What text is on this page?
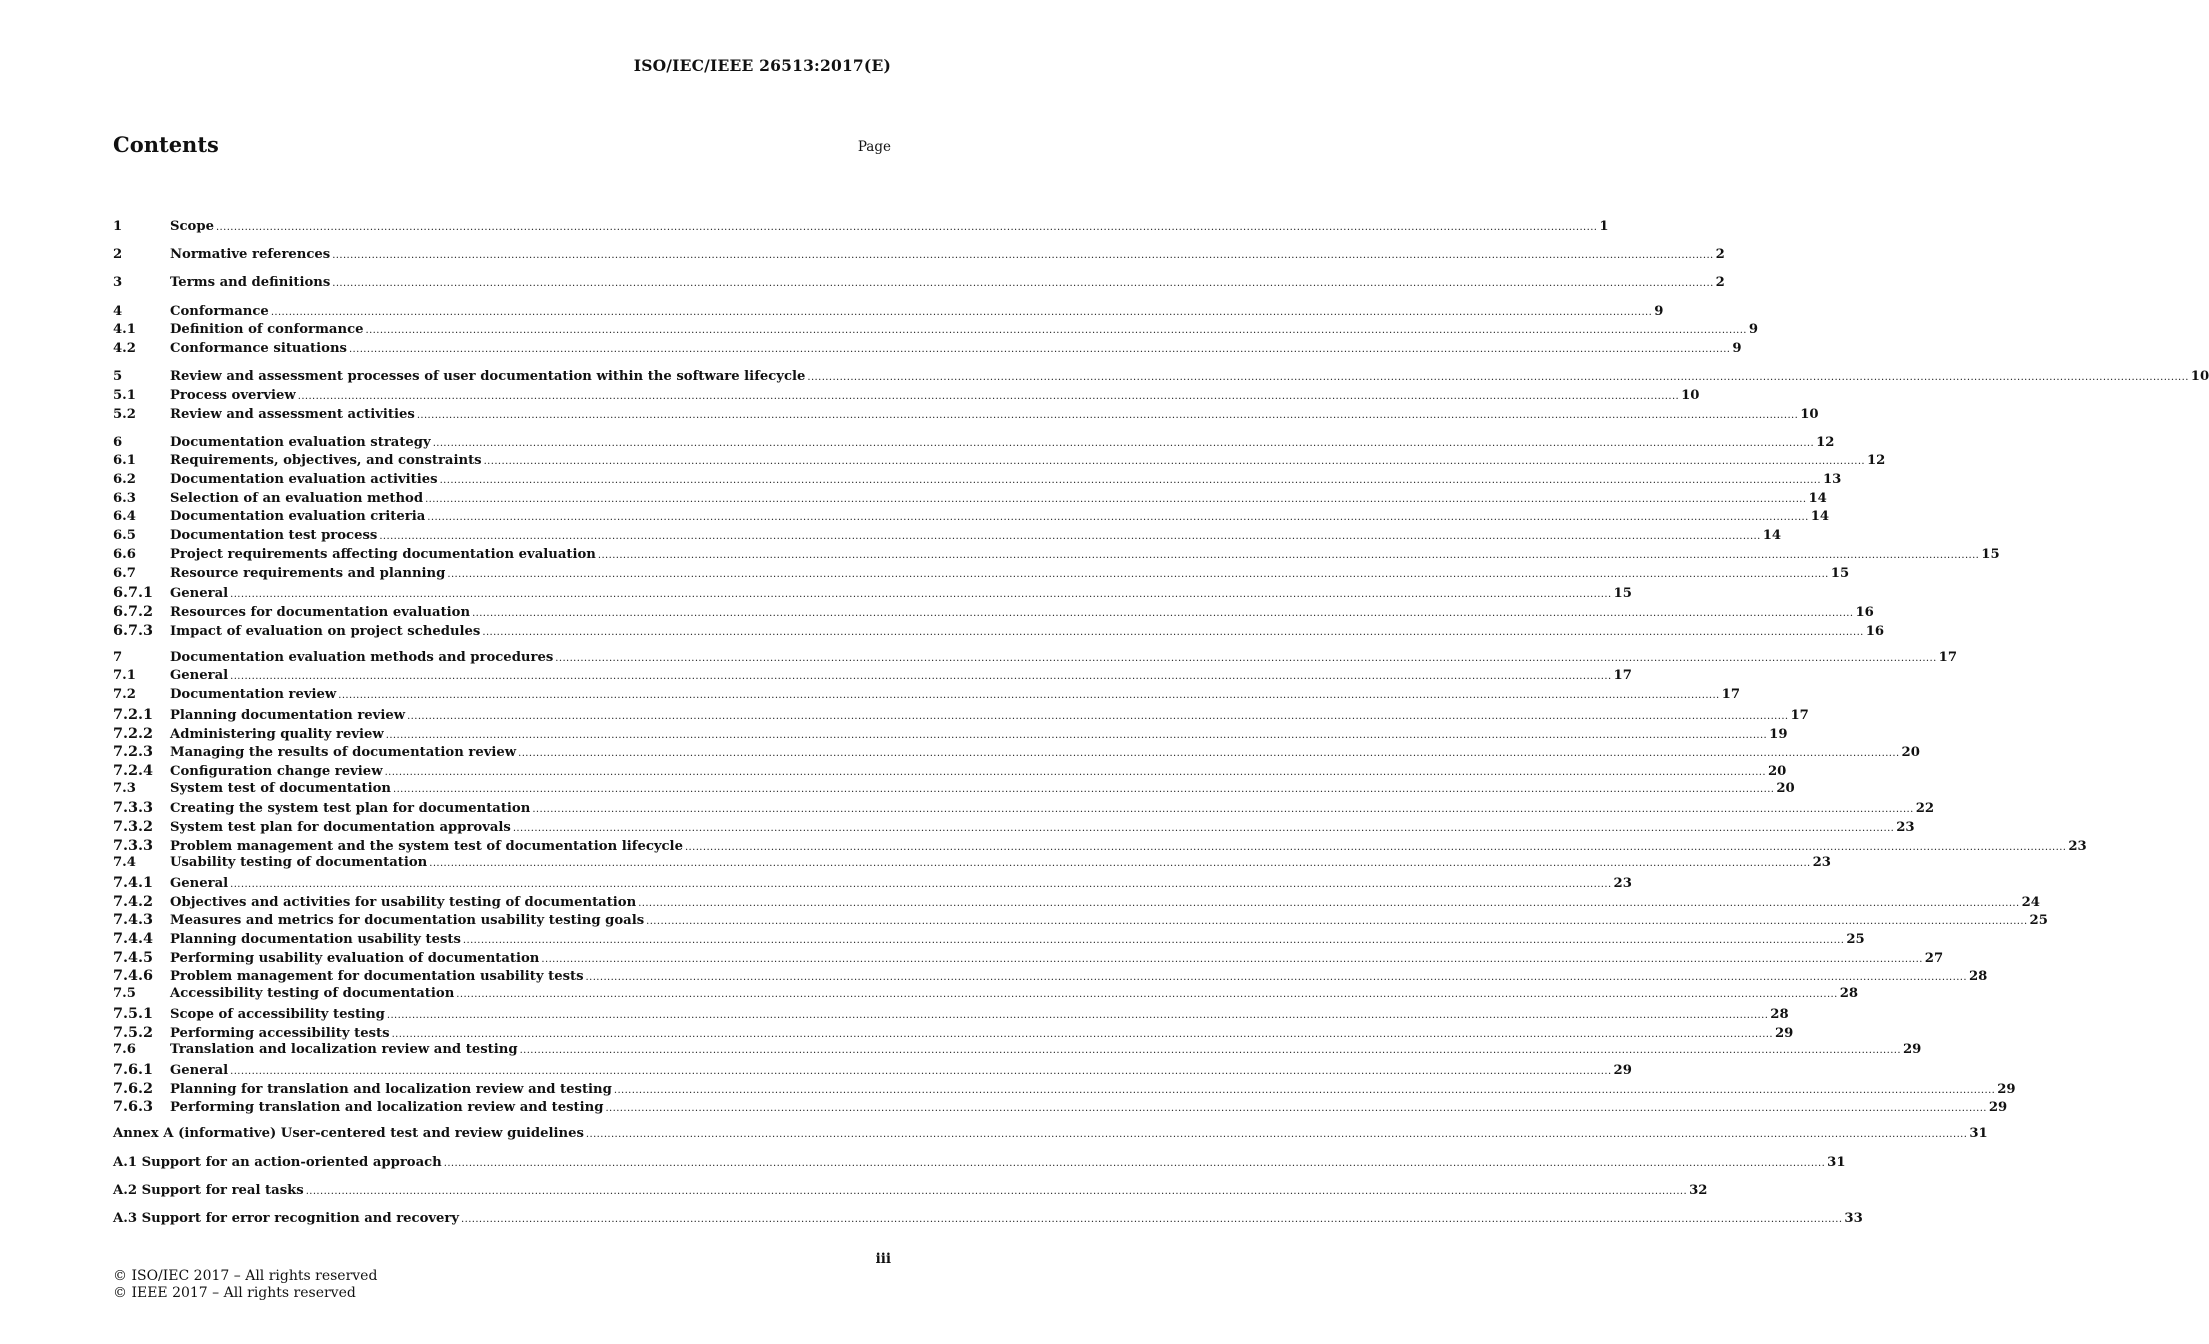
ISO/IEC/IEEE 26513:2017(E)
Contents	Page
1	Scope .....	1
2	Normative references .....	2
3	Terms and definitions .....	2
4	Conformance .....	9
4.1	Definition of conformance .....	9
4.2	Conformance situations .....	9
5	Review and assessment processes of user documentation within the software lifecycle .....	10
5.1	Process overview .....	10
5.2	Review and assessment activities .....	10
6	Documentation evaluation strategy .....	12
6.1	Requirements, objectives, and constraints .....	12
6.2	Documentation evaluation activities .....	13
6.3	Selection of an evaluation method .....	14
6.4	Documentation evaluation criteria .....	14
6.5	Documentation test process .....	14
6.6	Project requirements affecting documentation evaluation .....	15
6.7	Resource requirements and planning .....	15
6.7.1	General .....	15
6.7.2	Resources for documentation evaluation .....	16
6.7.3	Impact of evaluation on project schedules .....	16
7	Documentation evaluation methods and procedures .....	17
7.1	General .....	17
7.2	Documentation review .....	17
7.2.1	Planning documentation review .....	17
7.2.2	Administering quality review .....	19
7.2.3	Managing the results of documentation review .....	20
7.2.4	Configuration change review .....	20
7.3	System test of documentation .....	20
7.3.3	Creating the system test plan for documentation .....	22
7.3.2	System test plan for documentation approvals .....	23
7.3.3	Problem management and the system test of documentation lifecycle .....	23
7.4	Usability testing of documentation .....	23
7.4.1	General .....	23
7.4.2	Objectives and activities for usability testing of documentation .....	24
7.4.3	Measures and metrics for documentation usability testing goals .....	25
7.4.4	Planning documentation usability tests .....	25
7.4.5	Performing usability evaluation of documentation .....	27
7.4.6	Problem management for documentation usability tests .....	28
7.5	Accessibility testing of documentation .....	28
7.5.1	Scope of accessibility testing .....	28
7.5.2	Performing accessibility tests .....	29
7.6	Translation and localization review and testing .....	29
7.6.1	General .....	29
7.6.2	Planning for translation and localization review and testing .....	29
7.6.3	Performing translation and localization review and testing .....	29
Annex A (informative) User-centered test and review guidelines .....	31
A.1 Support for an action-oriented approach .....	31
A.2 Support for real tasks .....	32
A.3 Support for error recognition and recovery .....	33
iii
© ISO/IEC 2017 – All rights reserved
© IEEE 2017 – All rights reserved
